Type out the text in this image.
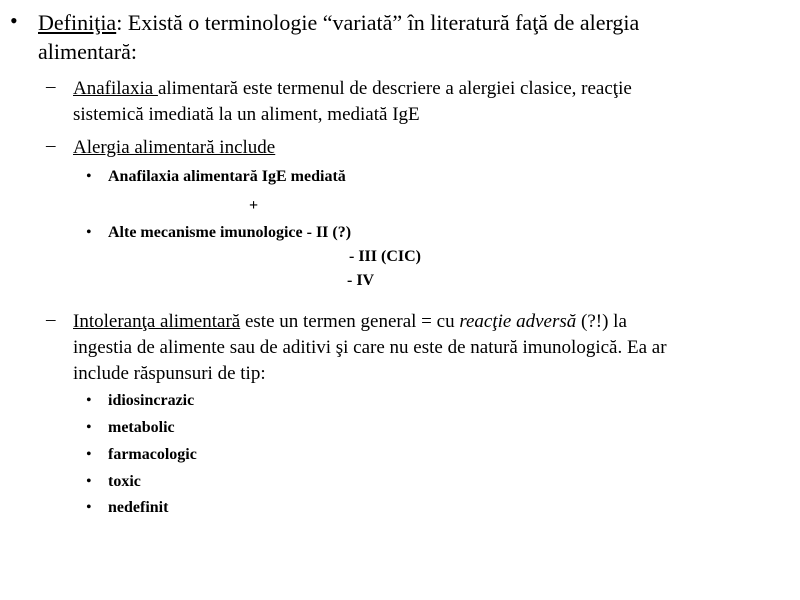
• Definiţia: Există o terminologie “variată” în literatură faţă de alergia
alimentară:
– Anafilaxia alimentară este termenul de descriere a alergiei clasice, reacţie
sistemică imediată la un aliment, mediată IgE
– Alergia alimentară include
• Anafilaxia alimentară IgE mediată
+
• Alte mecanisme imunologice - II (?)
- III (CIC)
- IV
– Intoleranţa alimentară este un termen general = cu reacţie adversă (?!) la
ingestia de alimente sau de aditivi şi care nu este de natură imunologică. Ea ar
include răspunsuri de tip:
• idiosincrazic
• metabolic
• farmacologic
• toxic
• nedefinit
